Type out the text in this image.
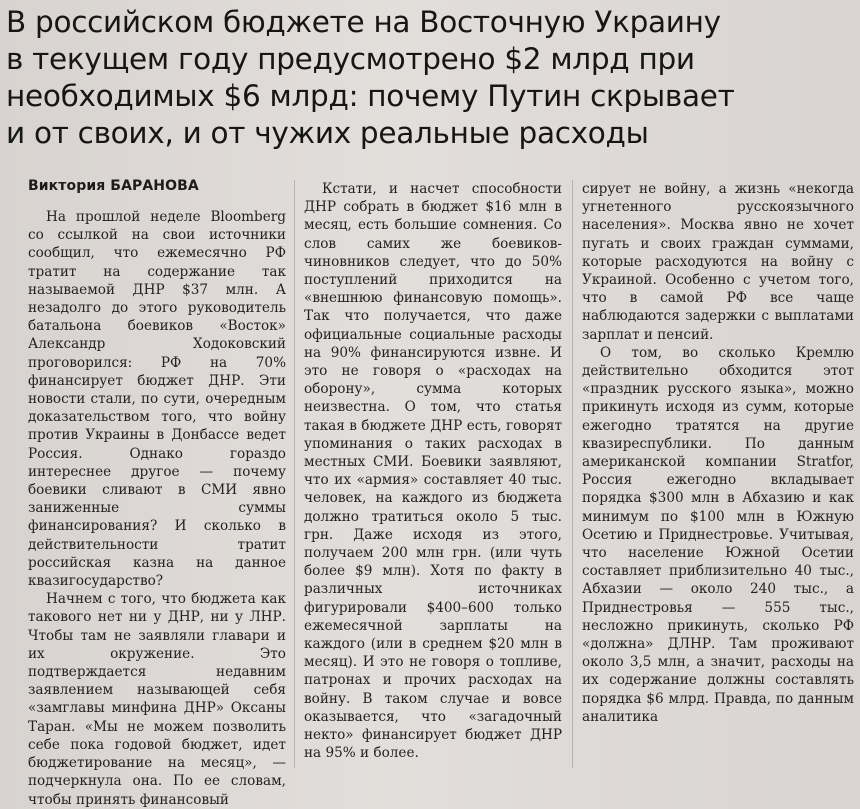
В российском бюджете на Восточную Украину
в текущем году предусмотрено $2 млрд при
необходимых $6 млрд: почему Путин скрывает
и от своих, и от чужих реальные расходы
Виктория БАРАНОВА

На прошлой неделе Bloomberg со ссылкой на свои источники сообщил, что ежемесячно РФ тратит на содержание так называемой ДНР $37 млн. А незадолго до этого руководитель батальона боевиков «Восток» Александр Ходоковский проговорился: РФ на 70% финансирует бюджет ДНР. Эти новости стали, по сути, очередным доказательством того, что войну против Украины в Донбассе ведет Россия. Однако гораздо интереснее другое — почему боевики сливают в СМИ явно заниженные суммы финансирования? И сколько в действительности тратит российская казна на данное квазигосударство?

Начнем с того, что бюджета как такового нет ни у ДНР, ни у ЛНР. Чтобы там не заявляли главари и их окружение. Это подтверждается недавним заявлением называющей себя «замглавы минфина ДНР» Оксаны Таран. «Мы не можем позволить себе пока годовой бюджет, идет бюджетирование на месяц», — подчеркнула она. По ее словам, чтобы принять финансовый

Кстати, и насчет способности ДНР собрать в бюджет $16 млн в месяц, есть большие сомнения. Со слов самих же боевиков-чиновников следует, что до 50% поступлений приходится на «внешнюю финансовую помощь». Так что получается, что даже официальные социальные расходы на 90% финансируются извне. И это не говоря о «расходах на оборону», сумма которых неизвестна. О том, что статья такая в бюджете ДНР есть, говорят упоминания о таких расходах в местных СМИ. Боевики заявляют, что их «армия» составляет 40 тыс. человек, на каждого из бюджета должно тратиться около 5 тыс. грн. Даже исходя из этого, получаем 200 млн грн. (или чуть более $9 млн). Хотя по факту в различных источниках фигурировали $400–600 только ежемесячной зарплаты на каждого (или в среднем $20 млн в месяц). И это не говоря о топливе, патронах и прочих расходах на войну. В таком случае и вовсе оказывается, что «загадочный некто» финансирует бюджет ДНР на 95% и более.

сирует не войну, а жизнь «некогда угнетенного русскоязычного населения». Москва явно не хочет пугать и своих граждан суммами, которые расходуются на войну с Украиной. Особенно с учетом того, что в самой РФ все чаще наблюдаются задержки с выплатами зарплат и пенсий.

О том, во сколько Кремлю действительно обходится этот «праздник русского языка», можно прикинуть исходя из сумм, которые ежегодно тратятся на другие квазиреспублики. По данным американской компании Stratfor, Россия ежегодно вкладывает порядка $300 млн в Абхазию и как минимум по $100 млн в Южную Осетию и Приднестровье. Учитывая, что население Южной Осетии составляет приблизительно 40 тыс., Абхазии — около 240 тыс., а Приднестровья — 555 тыс., несложно прикинуть, сколько РФ «должна» ДЛНР. Там проживают около 3,5 млн, а значит, расходы на их содержание должны составлять порядка $6 млрд. Правда, по данным аналитика
